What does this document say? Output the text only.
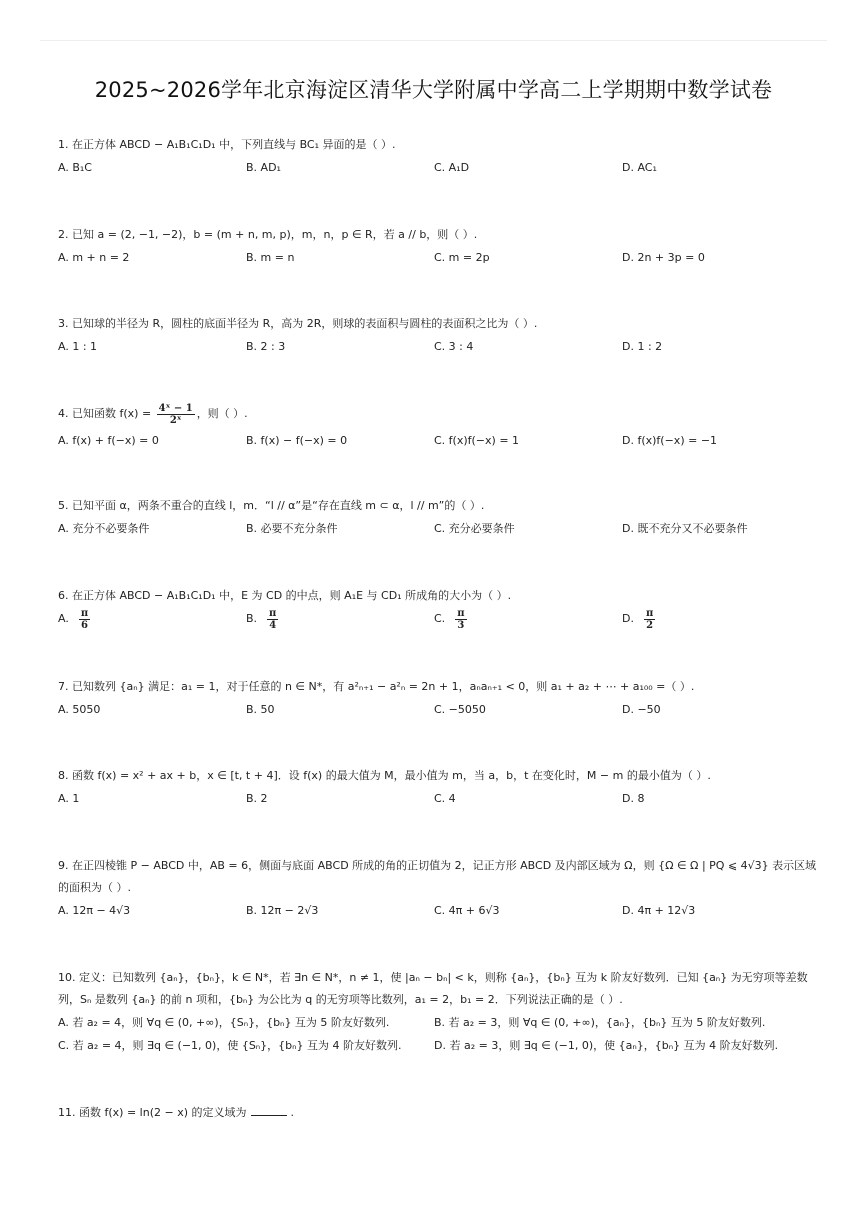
2025~2026学年北京海淀区清华大学附属中学高二上学期期中数学试卷
1. 在正方体 ABCD − A₁B₁C₁D₁ 中，下列直线与 BC₁ 异面的是（ ）.
A. B₁C	B. AD₁	C. A₁D	D. AC₁
2. 已知 a = (2, −1, −2)，b = (m + n, m, p)，m，n，p ∈ R，若 a // b，则（ ）.
A. m + n = 2	B. m = n	C. m = 2p	D. 2n + 3p = 0
3. 已知球的半径为 R，圆柱的底面半径为 R，高为 2R，则球的表面积与圆柱的表面积之比为（ ）.
A. 1 : 1	B. 2 : 3	C. 3 : 4	D. 1 : 2
4. 已知函数 $f(x) = \frac{\text{4ˣ − 1}}{\text{2ˣ}}$ ，则（ ）.
A. f(x) + f(−x) = 0	B. f(x) − f(−x) = 0	C. f(x)f(−x) = 1	D. f(x)f(−x) = −1
5. 已知平面 α，两条不重合的直线 l，m．“l // α”是“存在直线 m ⊂ α，l // m”的（ ）.
A. 充分不必要条件	B. 必要不充分条件	C. 充分必要条件	D. 既不充分又不必要条件
6. 在正方体 ABCD − A₁B₁C₁D₁ 中，E 为 CD 的中点，则 A₁E 与 CD₁ 所成角的大小为（ ）.
A. $\frac{\pi}{6}$	B. $\frac{\pi}{4}$	C. $\frac{\pi}{3}$	D. $\frac{\pi}{2}$
7. 已知数列 {aₙ} 满足：a₁ = 1，对于任意的 n ∈ N*，有 a²ₙ₊₁ − a²ₙ = 2n + 1，aₙaₙ₊₁ < 0，则 a₁ + a₂ + ⋯ + a₁₀₀ =（ ）.
A. 5050	B. 50	C. −5050	D. −50
8. 函数 f(x) = x² + ax + b，x ∈ [t, t + 4]．设 f(x) 的最大值为 M，最小值为 m，当 a，b，t 在变化时，M − m 的最小值为（ ）.
A. 1	B. 2	C. 4	D. 8
9. 在正四棱锥 P − ABCD 中，AB = 6，侧面与底面 ABCD 所成的角的正切值为 2，记正方形 ABCD 及内部区域为 Ω，则 {Ω ∈ Ω | PQ ⩽ 4√3} 表示区域的面积为（ ）.
A. 12π − 4√3	B. 12π − 2√3	C. 4π + 6√3	D. 4π + 12√3
10. 定义：已知数列 {aₙ}，{bₙ}，k ∈ N*，若 ∃n ∈ N*，n ≠ 1，使 |aₙ − bₙ| < k，则称 {aₙ}，{bₙ} 互为 k 阶友好数列．已知 {aₙ} 为无穷项等差数列，Sₙ 是数列 {aₙ} 的前 n 项和，{bₙ} 为公比为 q 的无穷项等比数列，a₁ = 2，b₁ = 2．下列说法正确的是（ ）.
A. 若 a₂ = 4，则 ∀q ∈ (0, +∞)，{Sₙ}，{bₙ} 互为 5 阶友好数列.	B. 若 a₂ = 3，则 ∀q ∈ (0, +∞)，{aₙ}，{bₙ} 互为 5 阶友好数列.
C. 若 a₂ = 4，则 ∃q ∈ (−1, 0)，使 {Sₙ}，{bₙ} 互为 4 阶友好数列.	D. 若 a₂ = 3，则 ∃q ∈ (−1, 0)，使 {aₙ}，{bₙ} 互为 4 阶友好数列.
11. 函数 f(x) = ln(2 − x) 的定义域为	.
